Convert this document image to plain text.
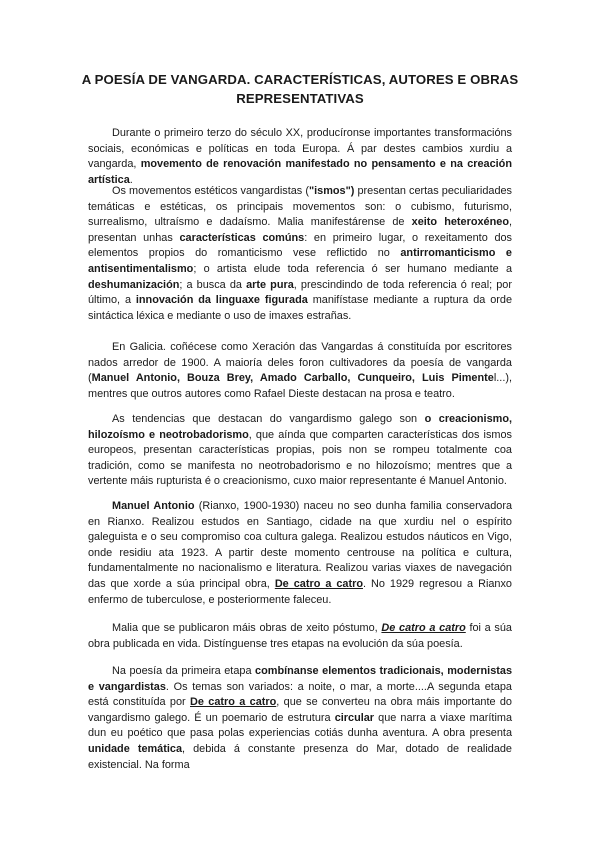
A POESÍA DE VANGARDA. CARACTERÍSTICAS, AUTORES E OBRAS REPRESENTATIVAS

Durante o primeiro terzo do século XX, producíronse importantes transformacións sociais, económicas e políticas en toda Europa. Á par destes cambios xurdiu a vangarda, movemento de renovación manifestado no pensamento e na creación artística.

Os movementos estéticos vangardistas ("ismos") presentan certas peculiaridades temáticas e estéticas, os principais movementos son: o cubismo, futurismo, surrealismo, ultraísmo e dadaísmo. Malia manifestárense de xeito heteroxéneo, presentan unhas características comúns: en primeiro lugar, o rexeitamento dos elementos propios do romanticismo vese reflictido no antirromanticismo e antisentimentalismo; o artista elude toda referencia ó ser humano mediante a deshumanización; a busca da arte pura, prescindindo de toda referencia ó real; por último, a innovación da linguaxe figurada manifístase mediante a ruptura da orde sintáctica léxica e mediante o uso de imaxes estrañas.

En Galicia. coñécese como Xeración das Vangardas á constituída por escritores nados arredor de 1900. A maioría deles foron cultivadores da poesía de vangarda (Manuel Antonio, Bouza Brey, Amado Carballo, Cunqueiro, Luis Pimentel...), mentres que outros autores como Rafael Dieste destacan na prosa e teatro.

As tendencias que destacan do vangardismo galego son o creacionismo, hilozoísmo e neotrobadorismo, que aínda que comparten características dos ismos europeos, presentan características propias, pois non se rompeu totalmente coa tradición, como se manifesta no neotrobadorismo e no hilozoísmo; mentres que a vertente máis rupturista é o creacionismo, cuxo maior representante é Manuel Antonio.

Manuel Antonio (Rianxo, 1900-1930) naceu no seo dunha familia conservadora en Rianxo. Realizou estudos en Santiago, cidade na que xurdiu nel o espírito galeguista e o seu compromiso coa cultura galega. Realizou estudos náuticos en Vigo, onde residiu ata 1923. A partir deste momento centrouse na política e cultura, fundamentalmente no nacionalismo e literatura. Realizou varias viaxes de navegación das que xorde a súa principal obra, De catro a catro. No 1929 regresou a Rianxo enfermo de tuberculose, e posteriormente faleceu.

Malia que se publicaron máis obras de xeito póstumo, De catro a catro foi a súa obra publicada en vida. Distínguense tres etapas na evolución da súa poesía.

Na poesía da primeira etapa combínanse elementos tradicionais, modernistas e vangardistas. Os temas son variados: a noite, o mar, a morte....A segunda etapa está constituída por De catro a catro, que se converteu na obra máis importante do vangardismo galego. É un poemario de estrutura circular que narra a viaxe marítima dun eu poético que pasa polas experiencias cotiás dunha aventura. A obra presenta unidade temática, debida á constante presenza do Mar, dotado de realidade existencial. Na forma
